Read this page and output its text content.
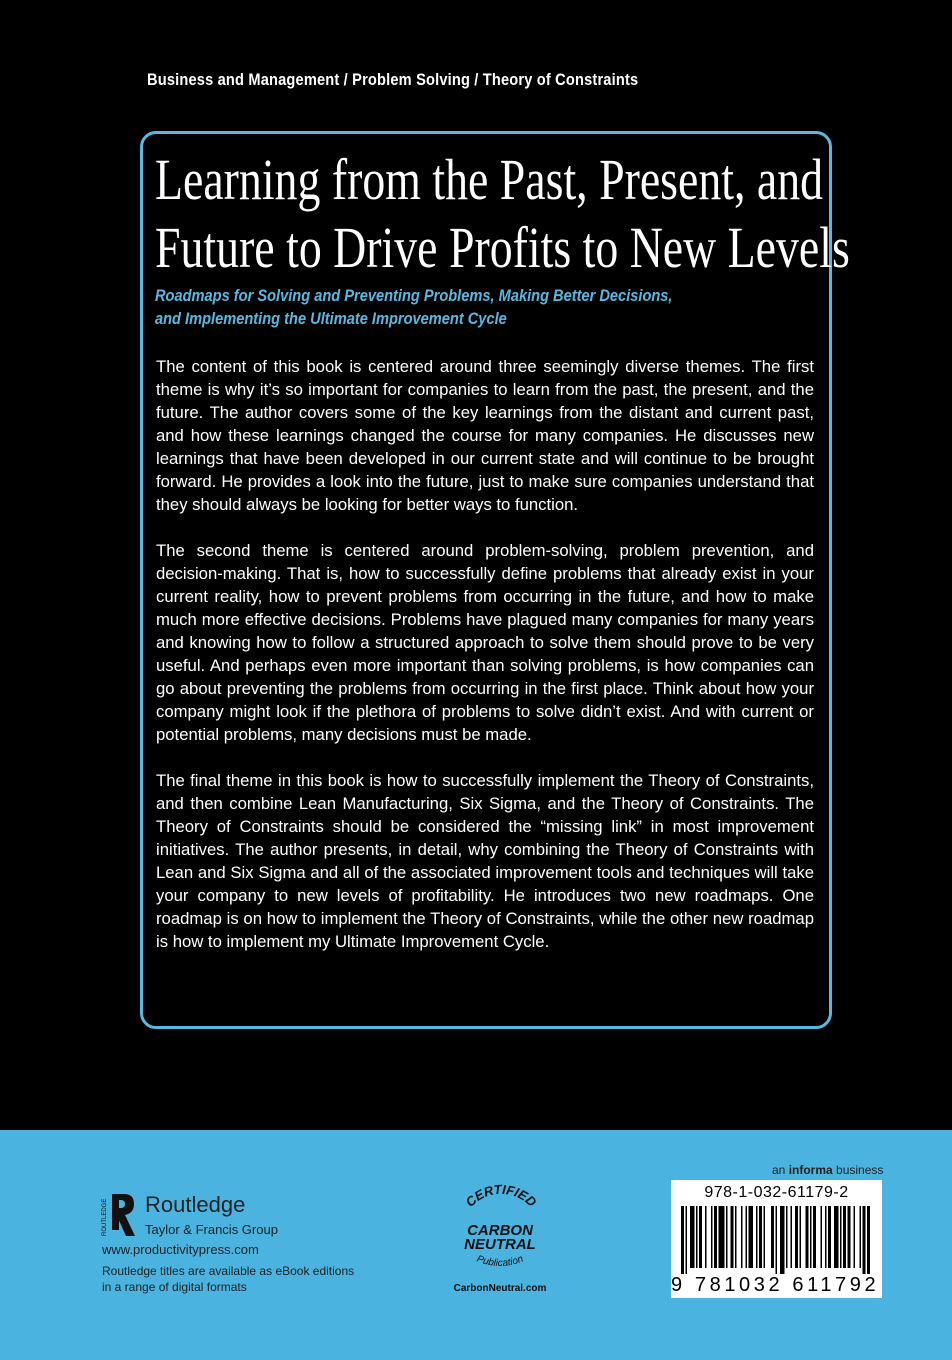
Business and Management / Problem Solving / Theory of Constraints
Learning from the Past, Present, and
Future to Drive Profits to New Levels
Roadmaps for Solving and Preventing Problems, Making Better Decisions,
and Implementing the Ultimate Improvement Cycle

The content of this book is centered around three seemingly diverse themes. The first theme is why it’s so important for companies to learn from the past, the present, and the future. The author covers some of the key learnings from the distant and current past, and how these learnings changed the course for many companies. He discusses new learnings that have been developed in our current state and will continue to be brought forward. He provides a look into the future, just to make sure companies understand that they should always be looking for better ways to function.

The second theme is centered around problem-solving, problem prevention, and decision-making. That is, how to successfully define problems that already exist in your current reality, how to prevent problems from occurring in the future, and how to make much more effective decisions. Problems have plagued many companies for many years and knowing how to follow a structured approach to solve them should prove to be very useful. And perhaps even more important than solving problems, is how companies can go about preventing the problems from occurring in the first place. Think about how your company might look if the plethora of problems to solve didn’t exist. And with current or potential problems, many decisions must be made.

The final theme in this book is how to successfully implement the Theory of Constraints, and then combine Lean Manufacturing, Six Sigma, and the Theory of Constraints. The Theory of Constraints should be considered the “missing link” in most improvement initiatives. The author presents, in detail, why combining the Theory of Constraints with Lean and Six Sigma and all of the associated improvement tools and techniques will take your company to new levels of profitability. He introduces two new roadmaps. One roadmap is on how to implement the Theory of Constraints, while the other new roadmap is how to implement my Ultimate Improvement Cycle.

ROUTLEDGE Routledge
Taylor & Francis Group
www.productivitypress.com
Routledge titles are available as eBook editions
in a range of digital formats
CERTIFIED
CARBON
NEUTRAL
Publication
CarbonNeutral.com
an informa business
978-1-032-61179-2
9 781032 611792
